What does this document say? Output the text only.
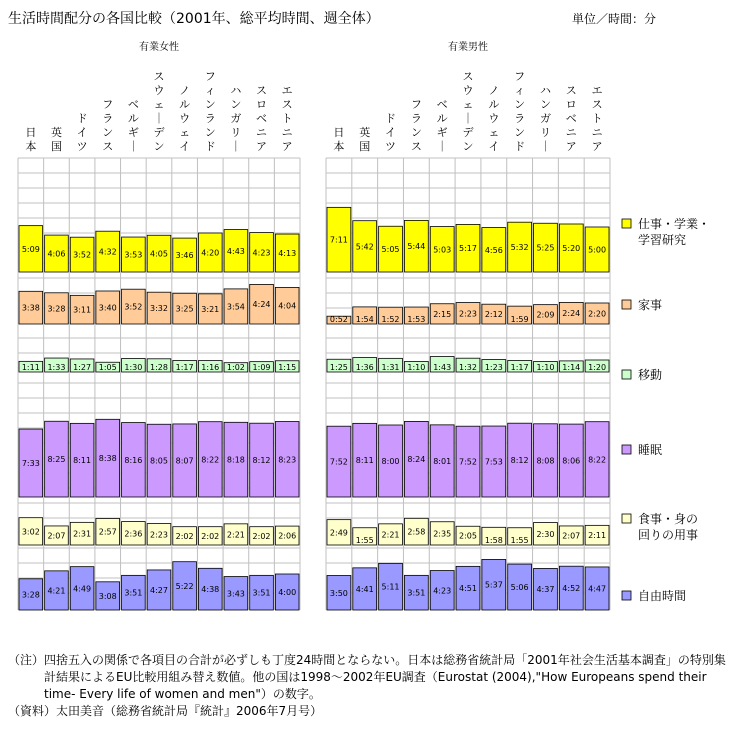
生活時間配分の各国比較（2001年、総平均時間、週全体）	単位／時間：分
有業女性
日本
英国
ドイツ
フランス
ベルギ｜
スウェ｜デン
ノルウェイ
フィンランド
ハンガリ｜
スロベニア
エストニア
5:09
4:06 3:52 4:32 3:53 4:05 3:46 4:20 4:43 4:23 4:13
3:38 3:28 3:11 3:40 3:52 3:32 3:25 3:21 3:54 4:24 4:04
1:11 1:33 1:27 1:05 1:30 1:28 1:17 1:16 1:02 1:09 1:15
7:33 8:25 8:11 8:38 8:16 8:05 8:07 8:22 8:18 8:12 8:23
3:02 2:07 2:31 2:57 2:36 2:23 2:02 2:02 2:21 2:02 2:06
3:28 4:21 4:49
3:08 3:51 4:27 5:22 4:38 3:43 3:51 4:00
有業男性
日本
英国
ドイツ
フランス
ベルギ｜
スウェ｜デン
ノルウェイ
フィンランド
ハンガリ｜
スロベニア
エストニア
7:11
5:42 5:05 5:44 5:03 5:17 4:56 5:32 5:25 5:20 5:00
0:52 1:54 1:52 1:53
2:15 2:23 2:12
1:59
2:09 2:24 2:20
1:25 1:36 1:31 1:10 1:43 1:32 1:23 1:17 1:10 1:14 1:20
7:52 8:11 8:00 8:24 8:01 7:52 7:53 8:12 8:08 8:06 8:22
2:49
1:55
2:21 2:58 2:35 2:05 1:58 1:55
2:30 2:07 2:11
3:50 4:41 5:11
3:51 4:23 4:51 5:37 5:06 4:37 4:52 4:47
仕事・学業・学習研究
家事
移動
睡眠
食事・身の回りの用事
自由時間
（注）四捨五入の関係で各項目の合計が必ずしも丁度24時間とならない。日本は総務省統計局「2001年社会生活基本調査」の特別集計結果によるEU比較用組み替え数値。他の国は1998～2002年EU調査（Eurostat (2004),"How Europeans spend their time- Every life of women and men"）の数字。
（資料）太田美音（総務省統計局『統計』2006年7月号）
